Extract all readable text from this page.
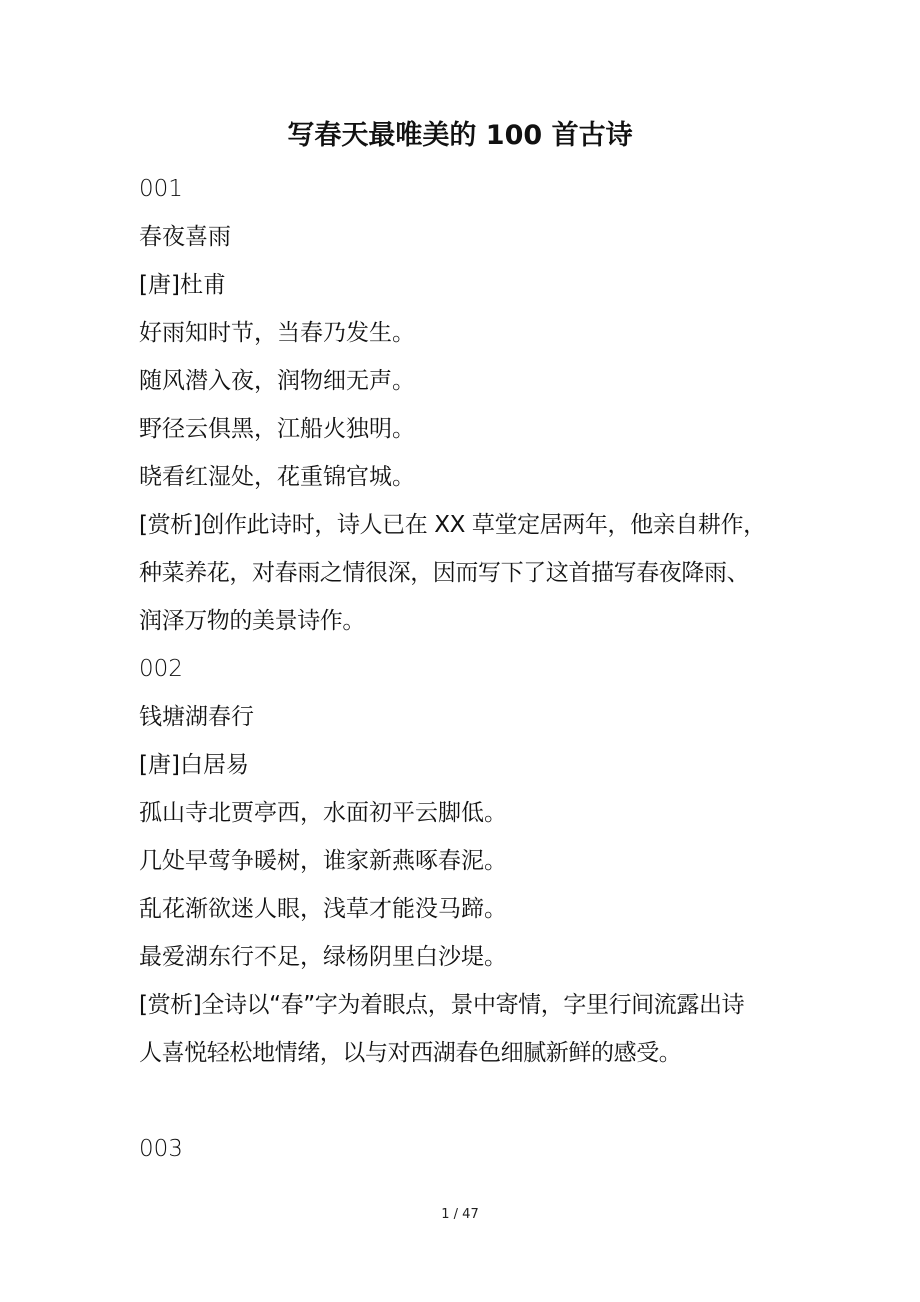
写春天最唯美的 100 首古诗
001
春夜喜雨
[唐]杜甫
好雨知时节，当春乃发生。
随风潜入夜，润物细无声。
野径云俱黑，江船火独明。
晓看红湿处，花重锦官城。
[赏析]创作此诗时，诗人已在 XX 草堂定居两年，他亲自耕作，
种菜养花，对春雨之情很深，因而写下了这首描写春夜降雨、
润泽万物的美景诗作。
002
钱塘湖春行
[唐]白居易
孤山寺北贾亭西，水面初平云脚低。
几处早莺争暖树，谁家新燕啄春泥。
乱花渐欲迷人眼，浅草才能没马蹄。
最爱湖东行不足，绿杨阴里白沙堤。
[赏析]全诗以“春”字为着眼点，景中寄情，字里行间流露出诗
人喜悦轻松地情绪，以与对西湖春色细腻新鲜的感受。
003
1 / 47
